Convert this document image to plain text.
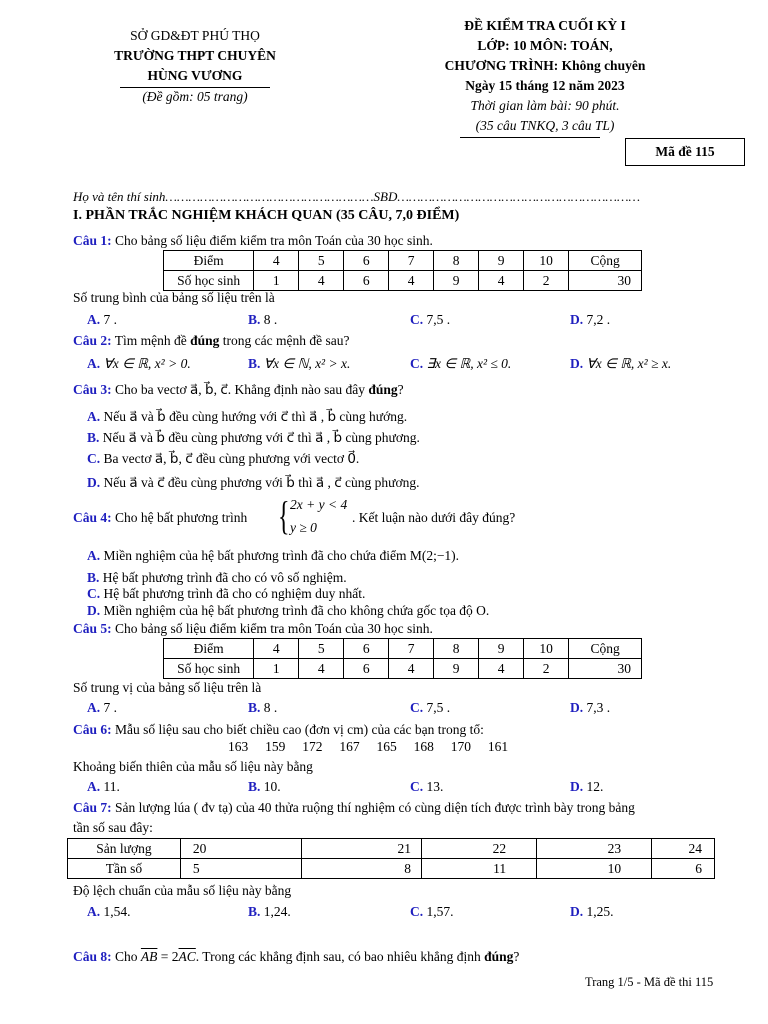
SỞ GD&ĐT PHÚ THỌ
TRƯỜNG THPT CHUYÊN
HÙNG VƯƠNG
(Đề gồm: 05 trang)
ĐỀ KIỂM TRA CUỐI KỲ I
LỚP: 10 MÔN: TOÁN,
CHƯƠNG TRÌNH: Không chuyên
Ngày 15 tháng 12 năm 2023
Thời gian làm bài: 90 phút.
(35 câu TNKQ, 3 câu TL)
Mã đề 115
Họ và tên thí sinh………………………………………………SBD………………………………………………………
I. PHẦN TRẮC NGHIỆM KHÁCH QUAN (35 CÂU, 7,0 ĐIỂM)
Câu 1: Cho bảng số liệu điểm kiểm tra môn Toán của 30 học sinh.
Điểm	4	5	6	7	8	9	10	Cộng
Số học sinh	1	4	6	4	9	4	2	30
Số trung bình của bảng số liệu trên là
A. 7 .	B. 8 .	C. 7,5 .	D. 7,2 .
Câu 2: Tìm mệnh đề đúng trong các mệnh đề sau?
A. ∀x ∈ ℝ, x² > 0.	B. ∀x ∈ ℕ, x² > x.	C. ∃x ∈ ℝ, x² ≤ 0.	D. ∀x ∈ ℝ, x² ≥ x.
Câu 3: Cho ba vectơ a⃗, b⃗, c⃗. Khẳng định nào sau đây đúng?
A. Nếu a⃗ và b⃗ đều cùng hướng với c⃗ thì a⃗ , b⃗ cùng hướng.
B. Nếu a⃗ và b⃗ đều cùng phương với c⃗ thì a⃗ , b⃗ cùng phương.
C. Ba vectơ a⃗, b⃗, c⃗ đều cùng phương với vectơ 0⃗.
D. Nếu a⃗ và c⃗ đều cùng phương với b⃗ thì a⃗ , c⃗ cùng phương.
Câu 4: Cho hệ bất phương trình { 2x + y < 4
y ≥ 0
. Kết luận nào dưới đây đúng?
A. Miền nghiệm của hệ bất phương trình đã cho chứa điểm M(2;−1).
B. Hệ bất phương trình đã cho có vô số nghiệm.
C. Hệ bất phương trình đã cho có nghiệm duy nhất.
D. Miền nghiệm của hệ bất phương trình đã cho không chứa gốc tọa độ O.
Câu 5: Cho bảng số liệu điểm kiểm tra môn Toán của 30 học sinh.
Điểm	4	5	6	7	8	9	10	Cộng
Số học sinh	1	4	6	4	9	4	2	30
Số trung vị của bảng số liệu trên là
A. 7 .	B. 8 .	C. 7,5 .	D. 7,3 .
Câu 6: Mẫu số liệu sau cho biết chiều cao (đơn vị cm) của các bạn trong tổ:
163     159     172     167     165     168     170     161
Khoảng biến thiên của mẫu số liệu này bằng
A. 11.	B. 10.	C. 13.	D. 12.
Câu 7: Sản lượng lúa ( đv tạ) của 40 thửa ruộng thí nghiệm có cùng diện tích được trình bày trong bảng
tần số sau đây:
Sản lượng	20	21	22	23	24
Tần số	5	8	11	10	6
Độ lệch chuẩn của mẫu số liệu này bằng
A. 1,54.	B. 1,24.	C. 1,57.	D. 1,25.
Câu 8: Cho $\overline{AB} = 2\overline{AC}$. Trong các khẳng định sau, có bao nhiêu khẳng định đúng?
Trang 1/5 - Mã đề thi 115
